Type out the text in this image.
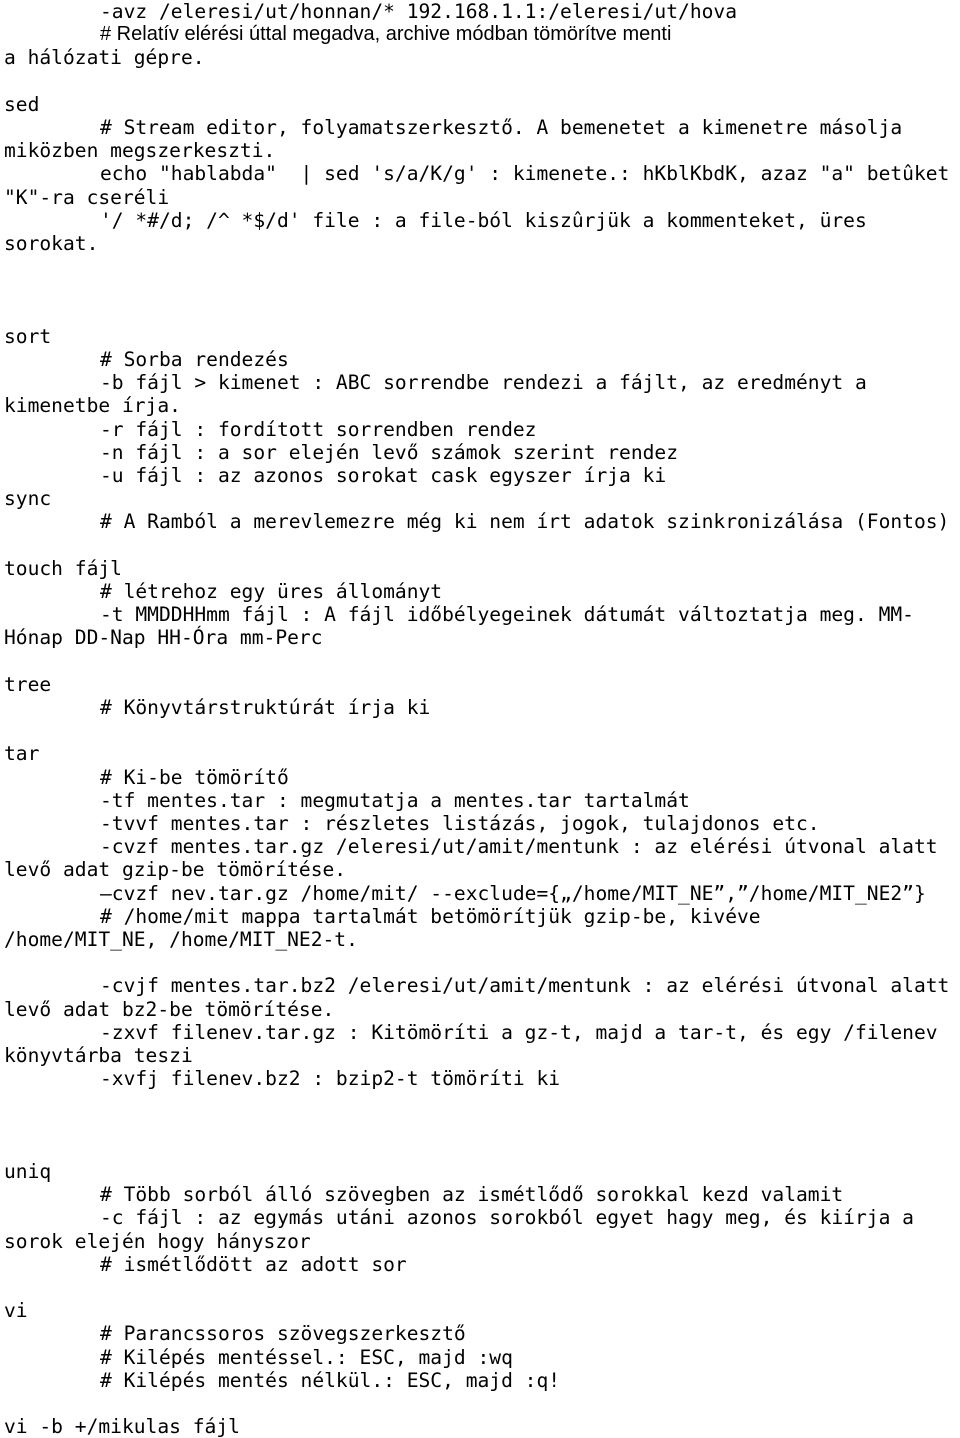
-avz /eleresi/ut/honnan/* 192.168.1.1:/eleresi/ut/hova
# Relatív elérési úttal megadva, archive módban tömörítve menti
a hálózati gépre.
sed
# Stream editor, folyamatszerkesztő. A bemenetet a kimenetre másolja
miközben megszerkeszti.
echo "hablabda"  | sed 's/a/K/g' : kimenete.: hKblKbdK, azaz "a" betûket
"K"-ra cseréli
'/ *#/d; /^ *$/d' file : a file-ból kiszûrjük a kommenteket, üres
sorokat.
sort
# Sorba rendezés
-b fájl > kimenet : ABC sorrendbe rendezi a fájlt, az eredményt a
kimenetbe írja.
-r fájl : fordított sorrendben rendez
-n fájl : a sor elején levő számok szerint rendez
-u fájl : az azonos sorokat cask egyszer írja ki
sync
# A Ramból a merevlemezre még ki nem írt adatok szinkronizálása (Fontos)
touch fájl
# létrehoz egy üres állományt
-t MMDDHHmm fájl : A fájl időbélyegeinek dátumát változtatja meg. MM-
Hónap DD-Nap HH-Óra mm-Perc
tree
# Könyvtárstruktúrát írja ki
tar
# Ki-be tömörítő
-tf mentes.tar : megmutatja a mentes.tar tartalmát
-tvvf mentes.tar : részletes listázás, jogok, tulajdonos etc.
-cvzf mentes.tar.gz /eleresi/ut/amit/mentunk : az elérési útvonal alatt
levő adat gzip-be tömörítése.
—cvzf nev.tar.gz /home/mit/ --exclude={„/home/MIT_NE”,”/home/MIT_NE2”}
# /home/mit mappa tartalmát betömörítjük gzip-be, kivéve
/home/MIT_NE, /home/MIT_NE2-t.
-cvjf mentes.tar.bz2 /eleresi/ut/amit/mentunk : az elérési útvonal alatt
levő adat bz2-be tömörítése.
-zxvf filenev.tar.gz : Kitömöríti a gz-t, majd a tar-t, és egy /filenev
könyvtárba teszi
-xvfj filenev.bz2 : bzip2-t tömöríti ki
uniq
# Több sorból álló szövegben az ismétlődő sorokkal kezd valamit
-c fájl : az egymás utáni azonos sorokból egyet hagy meg, és kiírja a
sorok elején hogy hányszor
# ismétlődött az adott sor
vi
# Parancssoros szövegszerkesztő
# Kilépés mentéssel.: ESC, majd :wq
# Kilépés mentés nélkül.: ESC, majd :q!
vi -b +/mikulas fájl
